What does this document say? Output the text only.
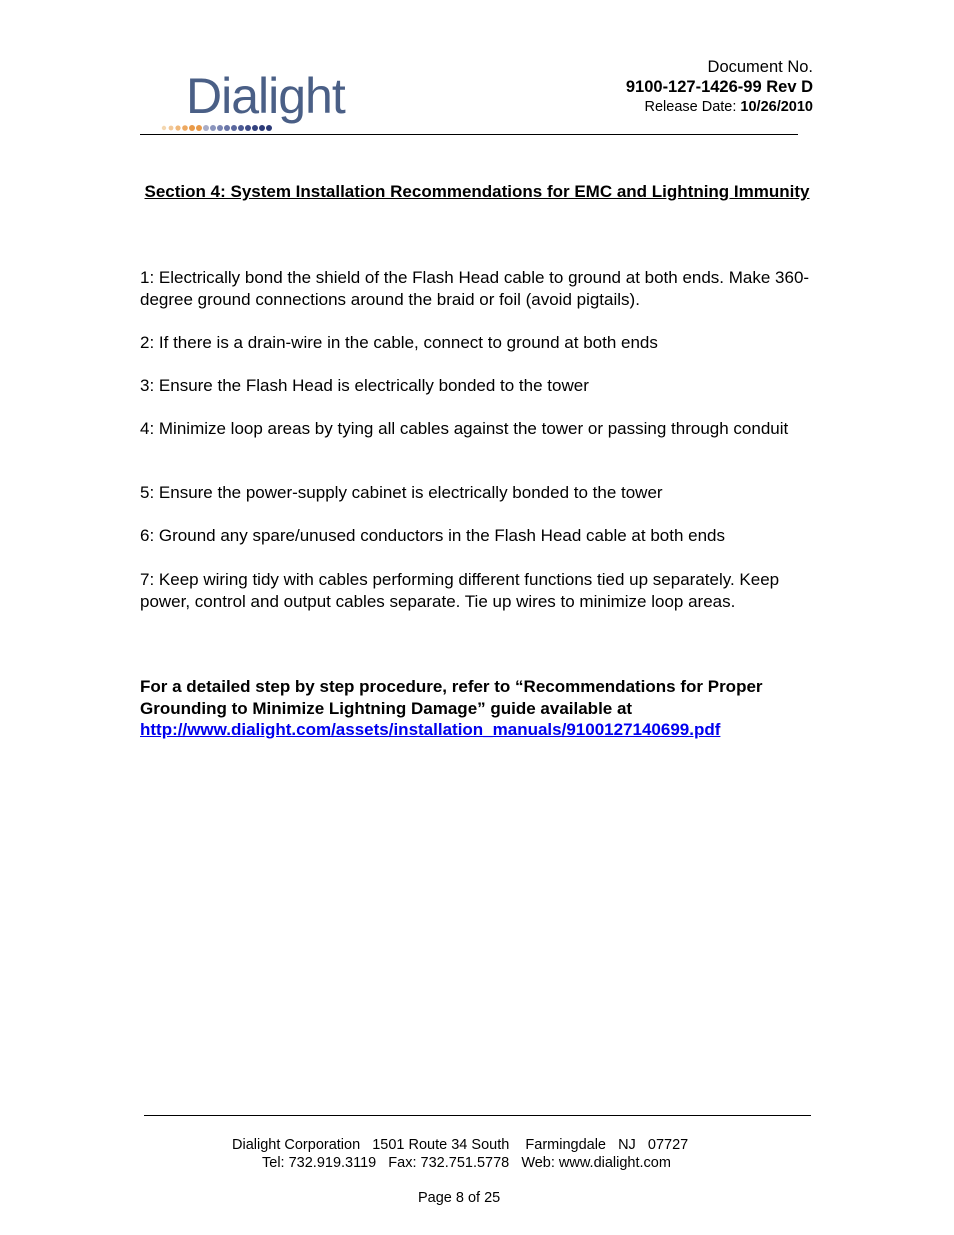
Dialight
Document No.
9100-127-1426-99 Rev D
Release Date: 10/26/2010
Section 4: System Installation Recommendations for EMC and Lightning Immunity
1: Electrically bond the shield of the Flash Head cable to ground at both ends. Make 360-degree ground connections around the braid or foil (avoid pigtails).
2: If there is a drain-wire in the cable, connect to ground at both ends
3: Ensure the Flash Head is electrically bonded to the tower
4: Minimize loop areas by tying all cables against the tower or passing through conduit
5: Ensure the power-supply cabinet is electrically bonded to the tower
6: Ground any spare/unused conductors in the Flash Head cable at both ends
7: Keep wiring tidy with cables performing different functions tied up separately. Keep power, control and output cables separate. Tie up wires to minimize loop areas.
For a detailed step by step procedure, refer to “Recommendations for Proper Grounding to Minimize Lightning Damage” guide available at http://www.dialight.com/assets/installation_manuals/9100127140699.pdf
Dialight Corporation   1501 Route 34 South    Farmingdale   NJ   07727
Tel: 732.919.3119   Fax: 732.751.5778   Web: www.dialight.com
Page 8 of 25
